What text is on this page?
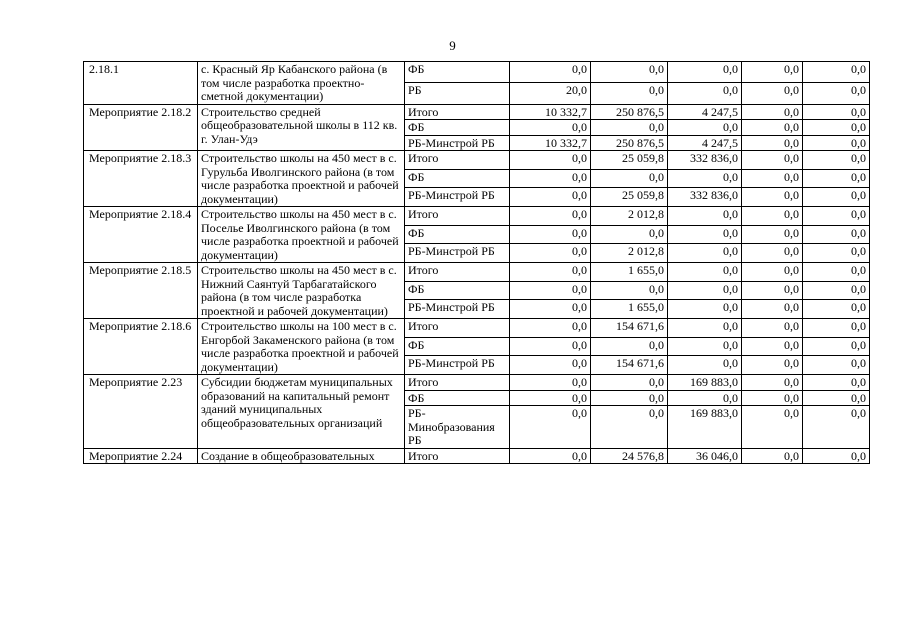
9
2.18.1	с. Красный Яр Кабанского района (в том числе разработка проектно-сметной документации)	ФБ	0,0	0,0	0,0	0,0	0,0
		РБ	20,0	0,0	0,0	0,0	0,0
Мероприятие 2.18.2	Строительство средней общеобразовательной школы в 112 кв. г. Улан-Удэ	Итого	10 332,7	250 876,5	4 247,5	0,0	0,0
		ФБ	0,0	0,0	0,0	0,0	0,0
		РБ-Минстрой РБ	10 332,7	250 876,5	4 247,5	0,0	0,0
Мероприятие 2.18.3	Строительство школы на 450 мест в с. Гурульба Иволгинского района (в том числе разработка проектной и рабочей документации)	Итого	0,0	25 059,8	332 836,0	0,0	0,0
		ФБ	0,0	0,0	0,0	0,0	0,0
		РБ-Минстрой РБ	0,0	25 059,8	332 836,0	0,0	0,0
Мероприятие 2.18.4	Строительство школы на 450 мест в с. Поселье Иволгинского района (в том числе разработка проектной и рабочей документации)	Итого	0,0	2 012,8	0,0	0,0	0,0
		ФБ	0,0	0,0	0,0	0,0	0,0
		РБ-Минстрой РБ	0,0	2 012,8	0,0	0,0	0,0
Мероприятие 2.18.5	Строительство школы на 450 мест в с. Нижний Саянтуй Тарбагатайского района (в том числе разработка проектной и рабочей документации)	Итого	0,0	1 655,0	0,0	0,0	0,0
		ФБ	0,0	0,0	0,0	0,0	0,0
		РБ-Минстрой РБ	0,0	1 655,0	0,0	0,0	0,0
Мероприятие 2.18.6	Строительство школы на 100 мест в с. Енгорбой Закаменского района (в том числе разработка проектной и рабочей документации)	Итого	0,0	154 671,6	0,0	0,0	0,0
		ФБ	0,0	0,0	0,0	0,0	0,0
		РБ-Минстрой РБ	0,0	154 671,6	0,0	0,0	0,0
Мероприятие 2.23	Субсидии бюджетам муниципальных образований на капитальный ремонт зданий муниципальных общеобразовательных организаций	Итого	0,0	0,0	169 883,0	0,0	0,0
		ФБ	0,0	0,0	0,0	0,0	0,0
		РБ-Минобразования РБ	0,0	0,0	169 883,0	0,0	0,0
Мероприятие 2.24	Создание в общеобразовательных	Итого	0,0	24 576,8	36 046,0	0,0	0,0
